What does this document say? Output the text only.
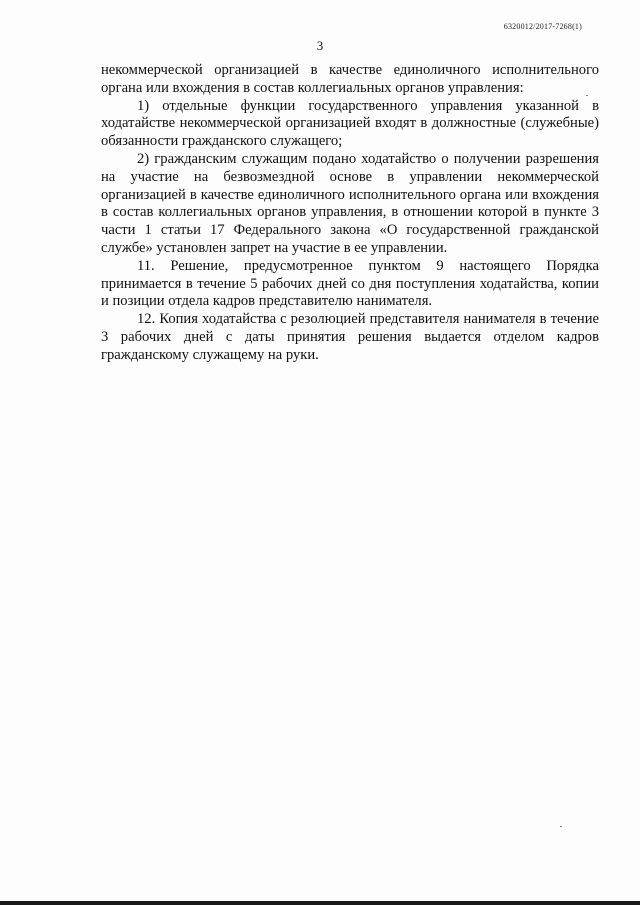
6320012/2017-7268(1)
3

некоммерческой организацией в качестве единоличного исполнительного органа или вхождения в состав коллегиальных органов управления:

1) отдельные функции государственного управления указанной в ходатайстве некоммерческой организацией входят в должностные (служебные) обязанности гражданского служащего;

2) гражданским служащим подано ходатайство о получении разрешения на участие на безвозмездной основе в управлении некоммерческой организацией в качестве единоличного исполнительного органа или вхождения в состав коллегиальных органов управления, в отношении которой в пункте 3 части 1 статьи 17 Федерального закона «О государственной гражданской службе» установлен запрет на участие в ее управлении.

11. Решение, предусмотренное пунктом 9 настоящего Порядка принимается в течение 5 рабочих дней со дня поступления ходатайства, копии и позиции отдела кадров представителю нанимателя.

12. Копия ходатайства с резолюцией представителя нанимателя в течение 3 рабочих дней с даты принятия решения выдается отделом кадров гражданскому служащему на руки.
